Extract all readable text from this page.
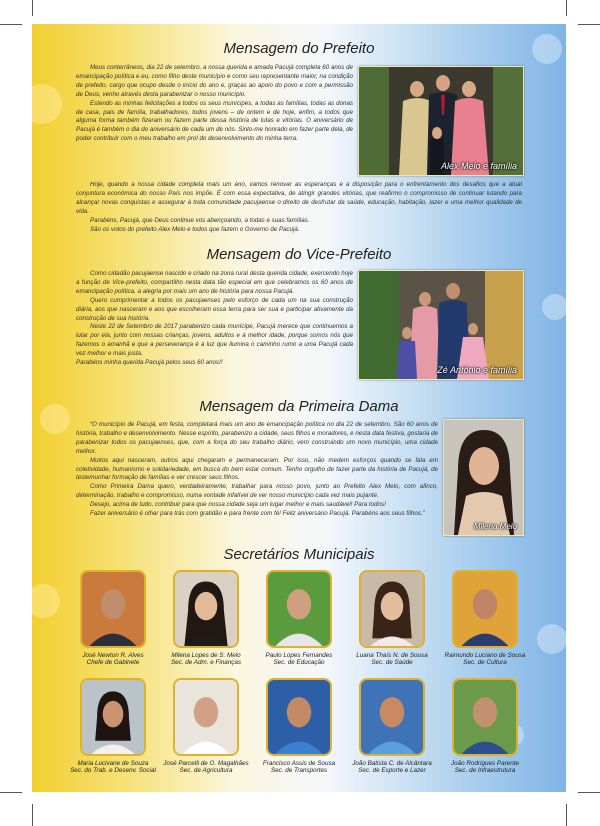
Mensagem do Prefeito

Meus conterrâneos, dia 22 de setembro, a nossa querida e amada Pacujá completa 60 anos de emancipação política e eu, como filho deste município e como seu representante maior, na condição de prefeito, cargo que ocupo desde o início do ano e, graças ao apoio do povo e com a permissão de Deus, venho através desta parabenizar o nosso município.

Estendo as minhas felicitações a todos os seus munícipes, a todas as famílias, todas as donas de casa, pais de família, trabalhadores, todos jovens – de ontem e de hoje, enfim, a todos que alguma forma também fizeram ou fazem parte dessa história de lutas e vitórias. O aniversário de Pacujá é também o dia do aniversário de cada um de nós. Sinto-me honrado em fazer parte dela, de poder contribuir com o meu trabalho em prol do desenvolvimento do minha terra.

Alex Melo e família

Hoje, quando a nossa cidade completa mais um ano, vamos renovar as esperanças e a disposição para o enfrentamento dos desafios que a atual conjuntura econômica do nosso País nos impõe. É com essa expectativa, de atingir grandes vitórias, que reafirmo o compromisso de continuar lutando para alcançar novas conquistas e assegurar à toda comunidade pacujaense o direito de desfrutar da saúde, educação, habitação, lazer e uma melhor qualidade de vida.

Parabéns, Pacujá, que Deus continue vos abençoando, a todas e suas famílias.

São os votos do prefeito Alex Melo e todos que fazem o Governo de Pacujá.

Mensagem do Vice-Prefeito

Como cidadão pacujaense nascido e criado na zona rural desta querida cidade, exercendo hoje a função de Vice-prefeito, compartilho nesta data tão especial em que celebramos os 60 anos de emancipação política, a alegria por mais um ano de história para nossa Pacujá.

Quero cumprimentar a todos os pacujaenses pelo esforço de cada um na sua construção diária, aos que nasceram e aos que escolheram essa terra para ser sua e participar ativamente da construção de sua história.

Neste 22 de Setembro de 2017 parabenizo cada munícipe, Pacujá merece que continuemos a lutar por ela, junto com nossas crianças, jovens, adultos e à melhor idade, porque somos nós que fazemos o amanhã e que a perseverança é a luz que ilumina o caminho rumo a uma Pacujá cada vez melhor e mais justa.

Parabéns minha querida Pacujá pelos seus 60 anos!!

Zé Antônio e família
Mensagem da Primeira Dama

“O município de Pacujá, em festa, completará mais um ano de emancipação política no dia 22 de setembro. São 60 anos de história, trabalho e desenvolvimento. Nesse espírito, parabenizo a cidade, seus filhos e moradores, e nesta data festiva, gostaria de parabenizar todos os pacujaenses, que, com a força do seu trabalho diário, vem construindo um novo município, uma cidade melhor.

Muitos aqui nasceram, outros aqui chegaram e permaneceram. Por isso, não medem esforços quando se fala em coletividade, humanismo e solidariedade, em busca do bem estar comum. Tenho orgulho de fazer parte da história de Pacujá, de testemunhar formação de famílias e ver crescer seus filhos.

Como Primeira Dama quero, verdadeiramente, trabalhar para nosso povo, junto ao Prefeito Alex Melo, com afinco, determinação, trabalho e compromisso, numa vontade infalível de ver nosso município cada vez mais pujante.

Desejo, acima de tudo, contribuir para que nossa cidade seja um lugar melhor e mais saudável! Para todos!

Fazer aniversário é olhar para trás com gratidão e para frente com fé! Feliz aniversário Pacujá. Parabéns aos seus filhos.”

Milena Melo
Secretários Municipais
José Newton R. Alves
Chefe de Gabinete
Milena Lopes de S. Melo
Sec. de Adm. e Finanças
Paulo Lopes Fernandes
Sec. de Educação
Luana Thaís N. de Sousa
Sec. de Saúde
Raimundo Luciano de Sousa
Sec. de Cultura
Maria Lucivane de Souza
Sec. do Trab. e Desenv. Social
José Parcelli de O. Magalhães
Sec. de Agricultura
Francisco Assis de Sousa
Sec. de Transportes
João Batista C. de Alcântara
Sec. de Esporte e Lazer
João Rodrigues Parente
Sec. de Infraestrutura
